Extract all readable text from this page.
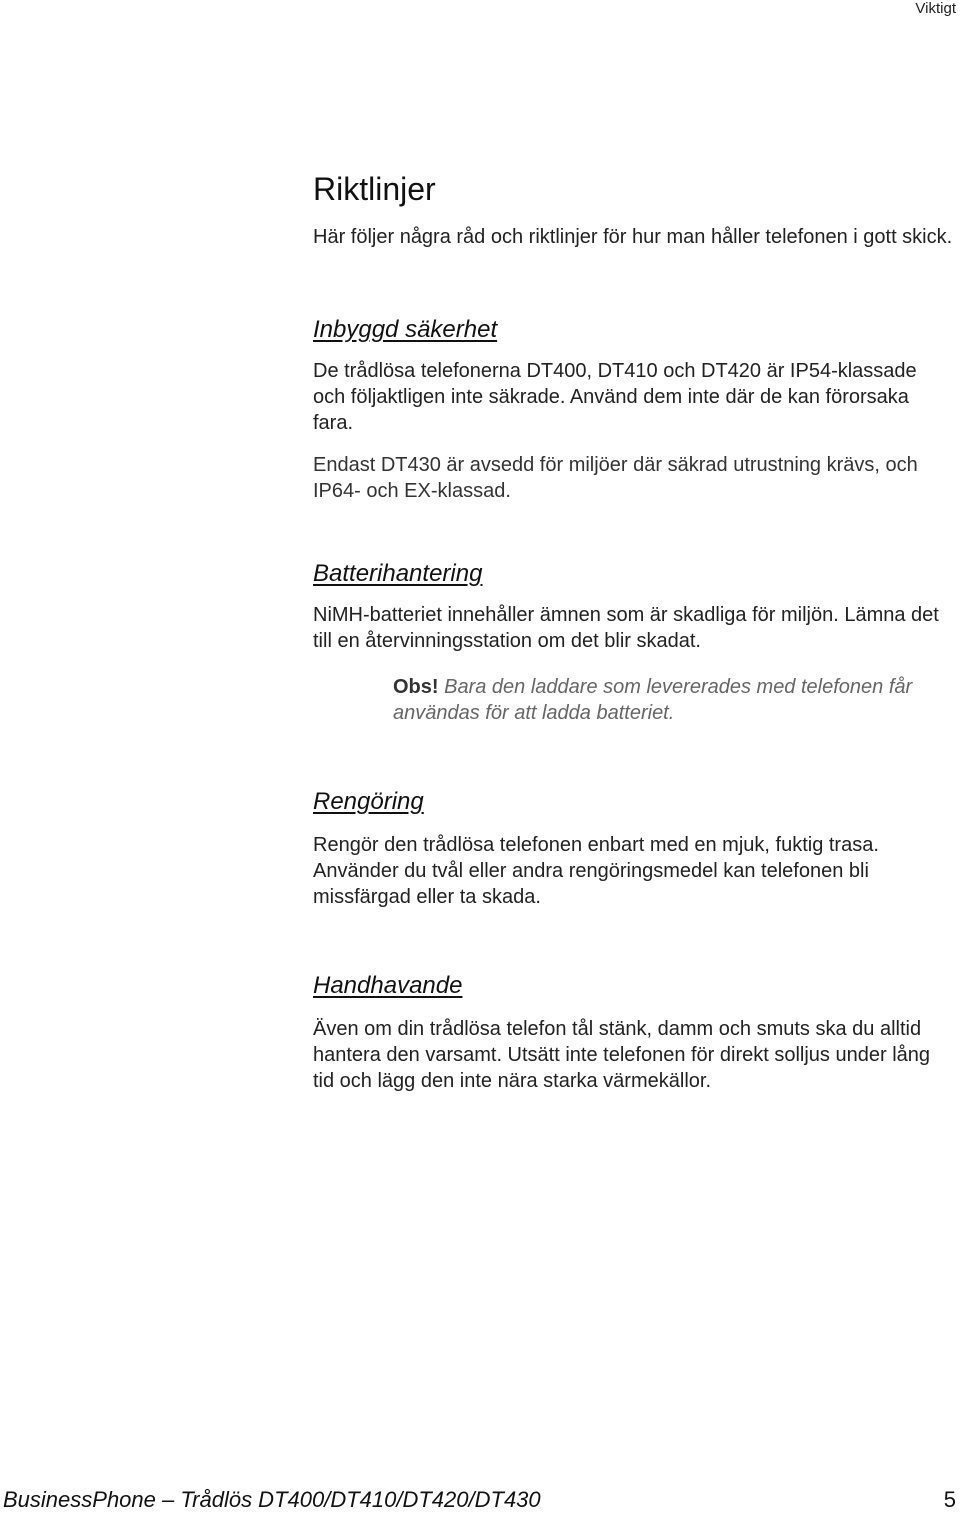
Viktigt
Riktlinjer

Här följer några råd och riktlinjer för hur man håller telefonen i gott skick.

Inbyggd säkerhet

De trådlösa telefonerna DT400, DT410 och DT420 är IP54-klassade och följaktligen inte säkrade. Använd dem inte där de kan förorsaka fara.

Endast DT430 är avsedd för miljöer där säkrad utrustning krävs, och IP64- och EX-klassad.

Batterihantering

NiMH-batteriet innehåller ämnen som är skadliga för miljön. Lämna det till en återvinningsstation om det blir skadat.

Obs! Bara den laddare som levererades med telefonen får användas för att ladda batteriet.

Rengöring

Rengör den trådlösa telefonen enbart med en mjuk, fuktig trasa. Använder du tvål eller andra rengöringsmedel kan telefonen bli missfärgad eller ta skada.

Handhavande

Även om din trådlösa telefon tål stänk, damm och smuts ska du alltid hantera den varsamt. Utsätt inte telefonen för direkt solljus under lång tid och lägg den inte nära starka värmekällor.

BusinessPhone – Trådlös DT400/DT410/DT420/DT430	5
